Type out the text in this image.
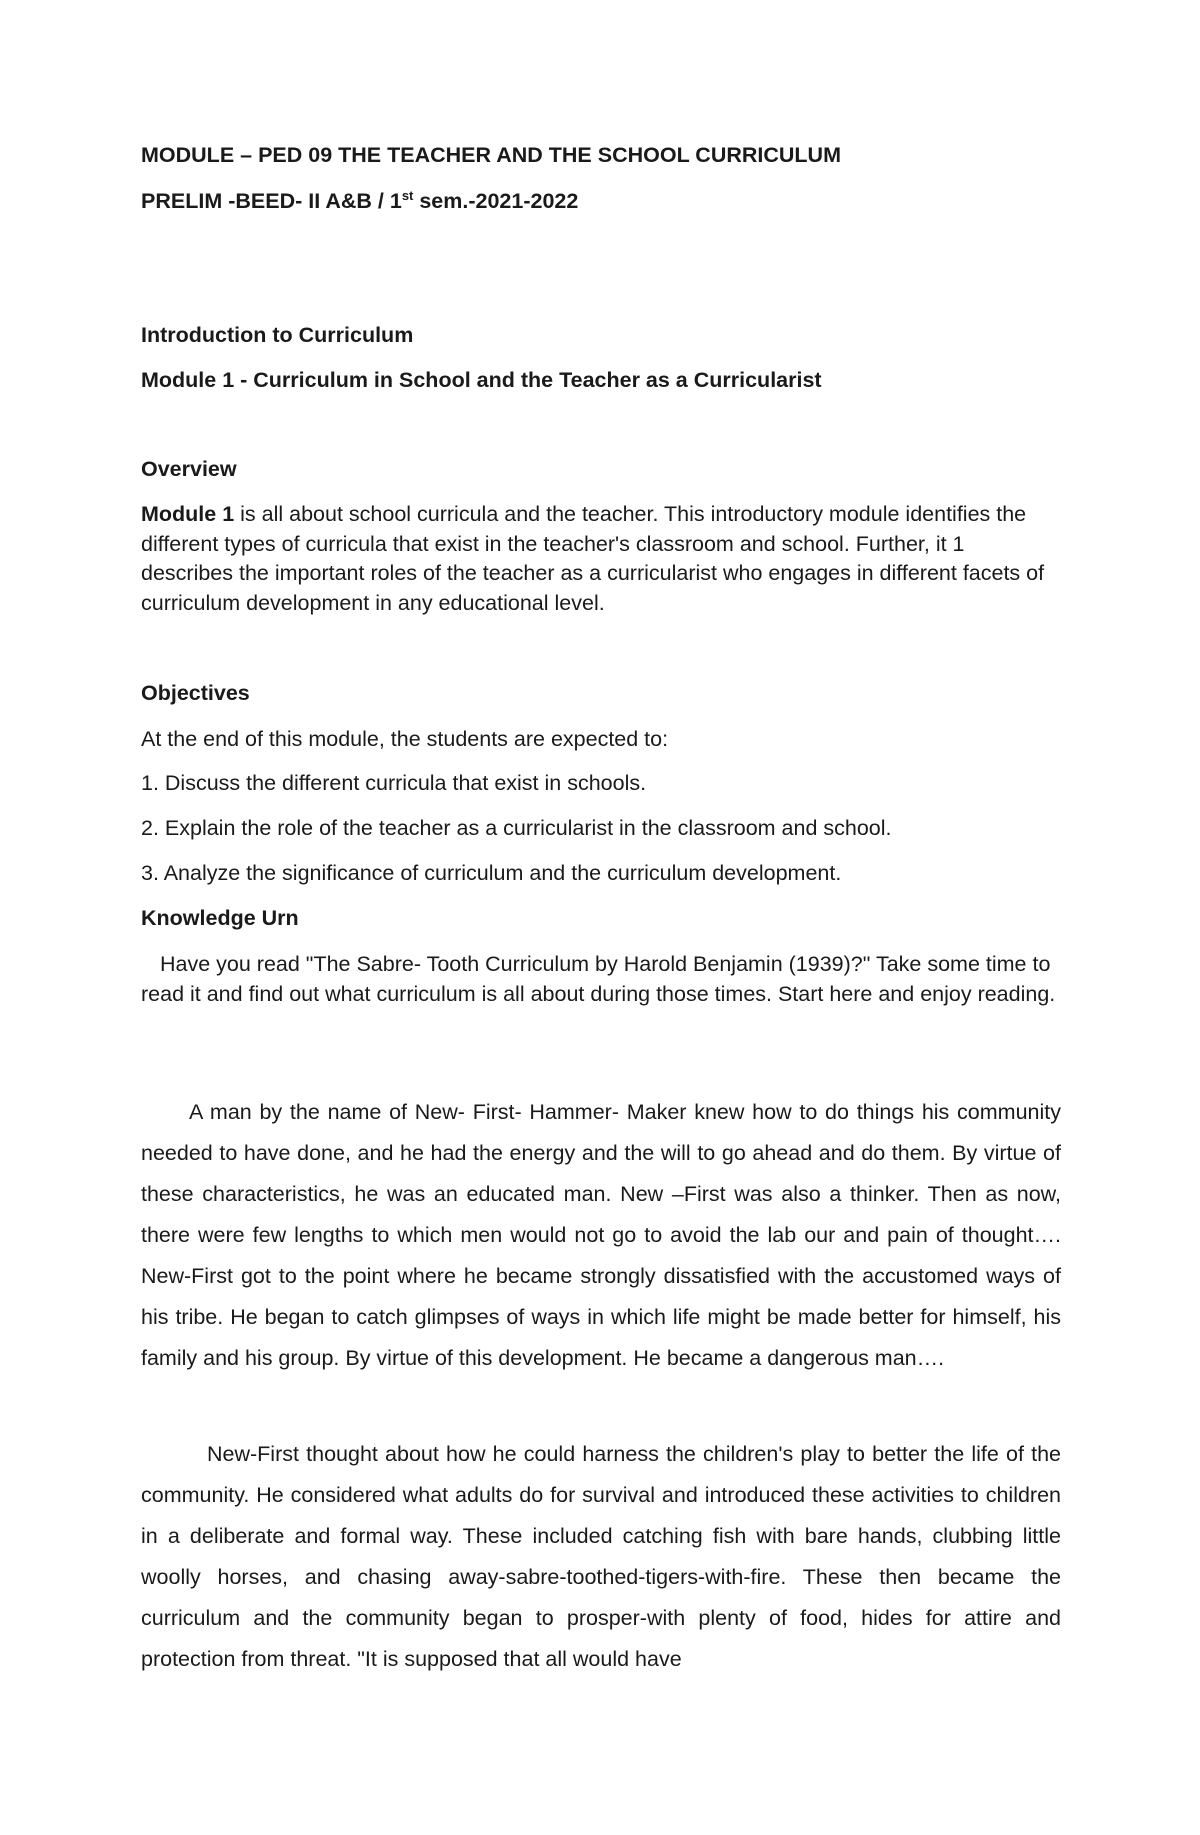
MODULE – PED 09 THE TEACHER AND THE SCHOOL CURRICULUM
PRELIM -BEED- II A&B / 1st sem.-2021-2022
Introduction to Curriculum
Module 1 - Curriculum in School and the Teacher as a Curricularist
Overview

Module 1 is all about school curricula and the teacher. This introductory module identifies the different types of curricula that exist in the teacher's classroom and school. Further, it 1 describes the important roles of the teacher as a curricularist who engages in different facets of curriculum development in any educational level.

Objectives
At the end of this module, the students are expected to:
1. Discuss the different curricula that exist in schools.
2. Explain the role of the teacher as a curricularist in the classroom and school.
3. Analyze the significance of curriculum and the curriculum development.
Knowledge Urn

Have you read "The Sabre- Tooth Curriculum by Harold Benjamin (1939)?" Take some time to read it and find out what curriculum is all about during those times. Start here and enjoy reading.

A man by the name of New- First- Hammer- Maker knew how to do things his community needed to have done, and he had the energy and the will to go ahead and do them. By virtue of these characteristics, he was an educated man. New –First was also a thinker. Then as now, there were few lengths to which men would not go to avoid the lab our and pain of thought…. New-First got to the point where he became strongly dissatisfied with the accustomed ways of his tribe. He began to catch glimpses of ways in which life might be made better for himself, his family and his group. By virtue of this development. He became a dangerous man….

New-First thought about how he could harness the children's play to better the life of the community. He considered what adults do for survival and introduced these activities to children in a deliberate and formal way. These included catching fish with bare hands, clubbing little woolly horses, and chasing away-sabre-toothed-tigers-with-fire. These then became the curriculum and the community began to prosper-with plenty of food, hides for attire and protection from threat. "It is supposed that all would have
